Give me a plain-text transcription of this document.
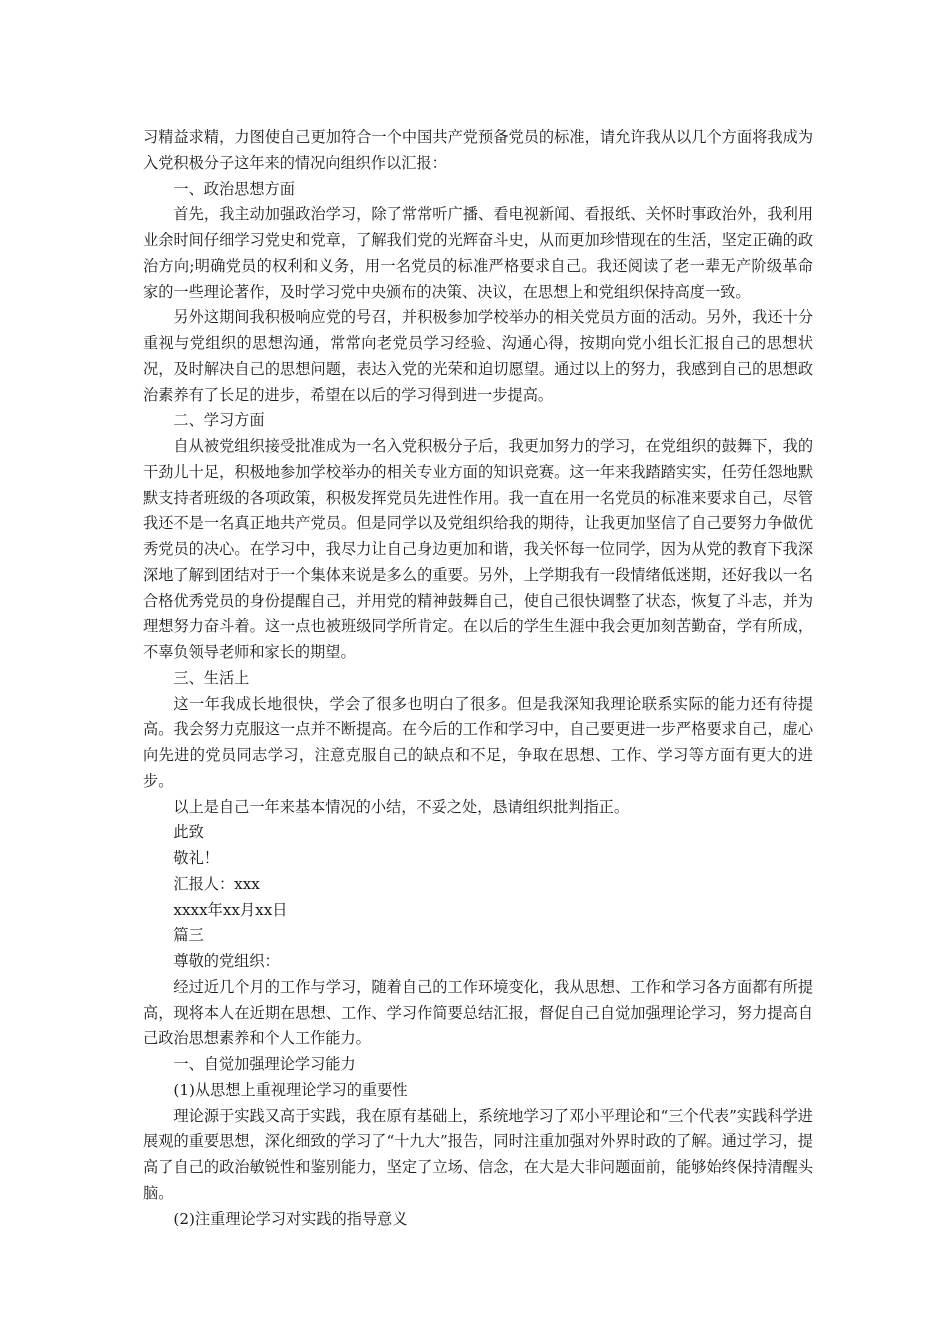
习精益求精，力图使自己更加符合一个中国共产党预备党员的标准，请允许我从以几个方面将我成为入党积极分子这年来的情况向组织作以汇报：

一、政治思想方面

首先，我主动加强政治学习，除了常常听广播、看电视新闻、看报纸、关怀时事政治外，我利用业余时间仔细学习党史和党章，了解我们党的光辉奋斗史，从而更加珍惜现在的生活，坚定正确的政治方向;明确党员的权利和义务，用一名党员的标准严格要求自己。我还阅读了老一辈无产阶级革命家的一些理论著作，及时学习党中央颁布的决策、决议，在思想上和党组织保持高度一致。

另外这期间我积极响应党的号召，并积极参加学校举办的相关党员方面的活动。另外，我还十分重视与党组织的思想沟通，常常向老党员学习经验、沟通心得，按期向党小组长汇报自己的思想状况，及时解决自己的思想问题，表达入党的光荣和迫切愿望。通过以上的努力，我感到自己的思想政治素养有了长足的进步，希望在以后的学习得到进一步提高。

二、学习方面

自从被党组织接受批准成为一名入党积极分子后，我更加努力的学习，在党组织的鼓舞下，我的干劲儿十足，积极地参加学校举办的相关专业方面的知识竞赛。这一年来我踏踏实实，任劳任怨地默默支持者班级的各项政策，积极发挥党员先进性作用。我一直在用一名党员的标准来要求自己，尽管我还不是一名真正地共产党员。但是同学以及党组织给我的期待，让我更加坚信了自己要努力争做优秀党员的决心。在学习中，我尽力让自己身边更加和谐，我关怀每一位同学，因为从党的教育下我深深地了解到团结对于一个集体来说是多么的重要。另外，上学期我有一段情绪低迷期，还好我以一名合格优秀党员的身份提醒自己，并用党的精神鼓舞自己，使自己很快调整了状态，恢复了斗志，并为理想努力奋斗着。这一点也被班级同学所肯定。在以后的学生生涯中我会更加刻苦勤奋，学有所成，不辜负领导老师和家长的期望。

三、生活上

这一年我成长地很快，学会了很多也明白了很多。但是我深知我理论联系实际的能力还有待提高。我会努力克服这一点并不断提高。在今后的工作和学习中，自己要更进一步严格要求自己，虚心向先进的党员同志学习，注意克服自己的缺点和不足，争取在思想、工作、学习等方面有更大的进步。

以上是自己一年来基本情况的小结，不妥之处，恳请组织批判指正。

此致

敬礼！

汇报人：xxx

xxxx年xx月xx日

篇三

尊敬的党组织：

经过近几个月的工作与学习，随着自己的工作环境变化，我从思想、工作和学习各方面都有所提高，现将本人在近期在思想、工作、学习作简要总结汇报，督促自己自觉加强理论学习，努力提高自己政治思想素养和个人工作能力。

一、自觉加强理论学习能力

(1)从思想上重视理论学习的重要性

理论源于实践又高于实践，我在原有基础上，系统地学习了邓小平理论和“三个代表”实践科学进展观的重要思想，深化细致的学习了“十九大”报告，同时注重加强对外界时政的了解。通过学习，提高了自己的政治敏锐性和鉴别能力，坚定了立场、信念，在大是大非问题面前，能够始终保持清醒头脑。

(2)注重理论学习对实践的指导意义
